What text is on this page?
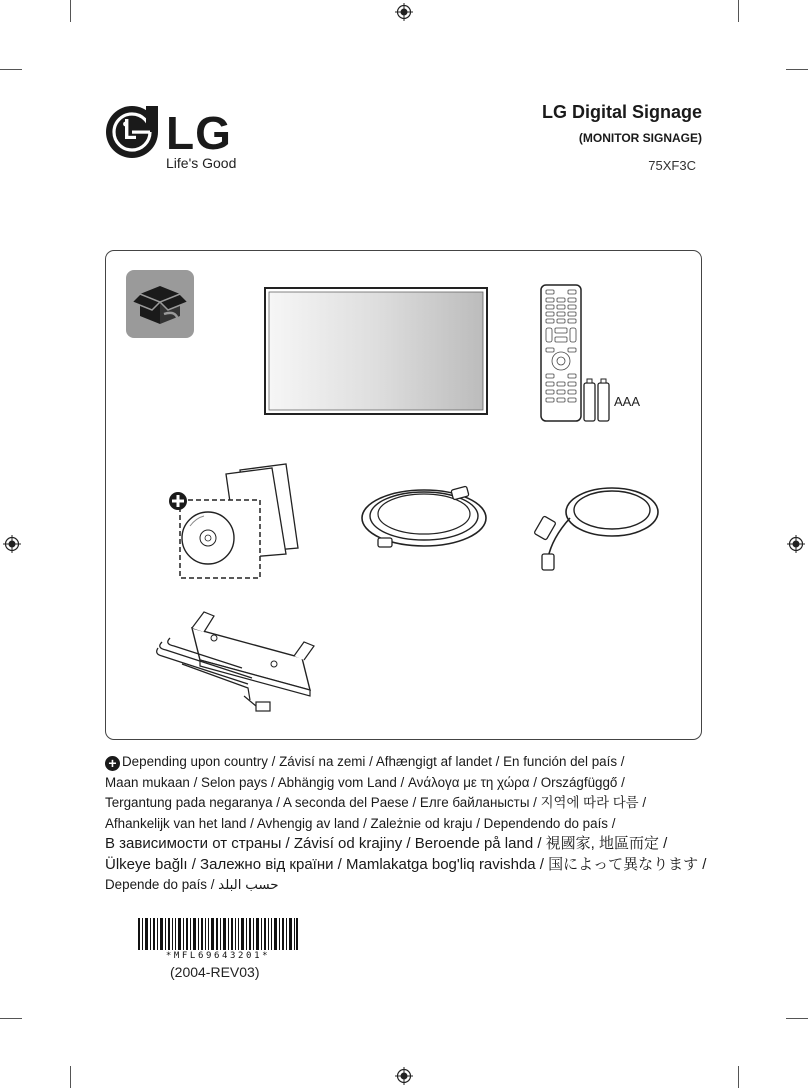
LG
Life's Good
LG Digital Signage
(MONITOR SIGNAGE)
75XF3C
AAA
+ Depending upon country / Závisí na zemi / Afhængigt af landet / En función del país /
Maan mukaan / Selon pays / Abhängig vom Land / Ανάλογα με τη χώρα / Országfüggő /
Tergantung pada negaranya / A seconda del Paese / Елге байланысты / 지역에 따라 다름 /
Afhankelijk van het land / Avhengig av land / Zależnie od kraju / Dependendo do país /
В зависимости от страны / Závisí od krajiny / Beroende på land / 視國家, 地區而定 /
Ülkeye bağlı / Залежно від країни / Mamlakatga bog'liq ravishda / 国によって異なります /
Depende do país / حسب البلد
*MFL69643201*
(2004-REV03)
